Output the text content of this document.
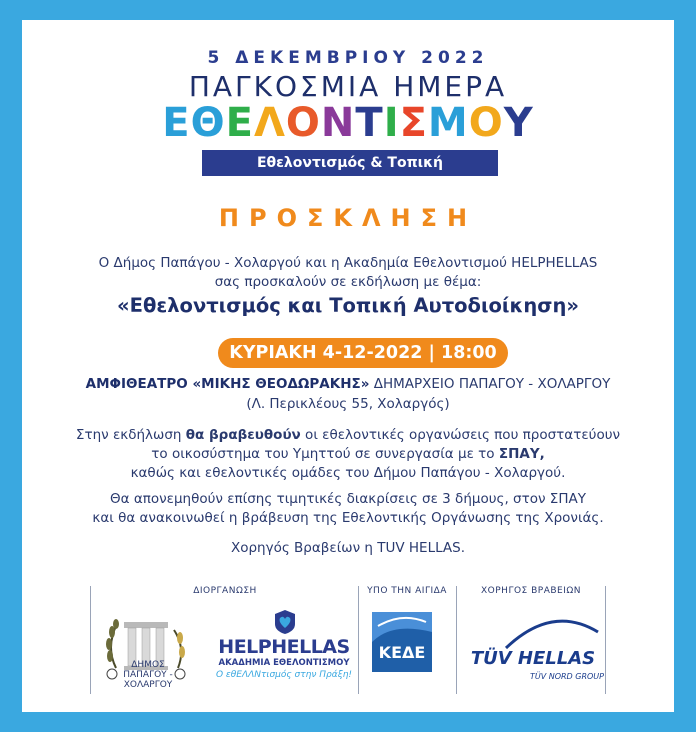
5 ΔΕΚΕΜΒΡΙΟΥ 2022
ΠΑΓΚΟΣΜΙΑ ΗΜΕΡΑ
ΕΘΕΛΟΝΤΙΣΜΟΥ
Εθελοντισμός & Τοπική Αυτοδιοίκηση!
ΠΡΟΣΚΛΗΣΗ
Ο Δήμος Παπάγου - Χολαργού και η Ακαδημία Εθελοντισμού HELPHELLAS
σας προσκαλούν σε εκδήλωση με θέμα:
«Εθελοντισμός και Τοπική Αυτοδιοίκηση»
ΚΥΡΙΑΚΗ 4-12-2022 | 18:00
ΑΜΦΙΘΕΑΤΡΟ «ΜΙΚΗΣ ΘΕΟΔΩΡΑΚΗΣ» ΔΗΜΑΡΧΕΙΟ ΠΑΠΑΓΟΥ - ΧΟΛΑΡΓΟΥ
(Λ. Περικλέους 55, Χολαργός)
Στην εκδήλωση θα βραβευθούν οι εθελοντικές οργανώσεις που προστατεύουν
το οικοσύστημα του Υμηττού σε συνεργασία με το ΣΠΑΥ,
καθώς και εθελοντικές ομάδες του Δήμου Παπάγου - Χολαργού.
Θα απονεμηθούν επίσης τιμητικές διακρίσεις σε 3 δήμους, στον ΣΠΑΥ
και θα ανακοινωθεί η βράβευση της Εθελοντικής Οργάνωσης της Χρονιάς.
Χορηγός Βραβείων η TUV HELLAS.
ΔΙΟΡΓΑΝΩΣΗ	ΥΠΟ ΤΗΝ ΑΙΓΙΔΑ	ΧΟΡΗΓΟΣ ΒΡΑΒΕΙΩΝ
ΔΗΜΟΣ
ΠΑΠΑΓΟΥ - ΧΟΛΑΡΓΟΥ
HELPHELLAS
ΑΚΑΔΗΜΙΑ ΕΘΕΛΟΝΤΙΣΜΟΥ
Ο εθΕΛΛΝτισμός στην Πράξη!
ΚΕΔΕ	TÜV HELLAS
TÜV NORD GROUP
